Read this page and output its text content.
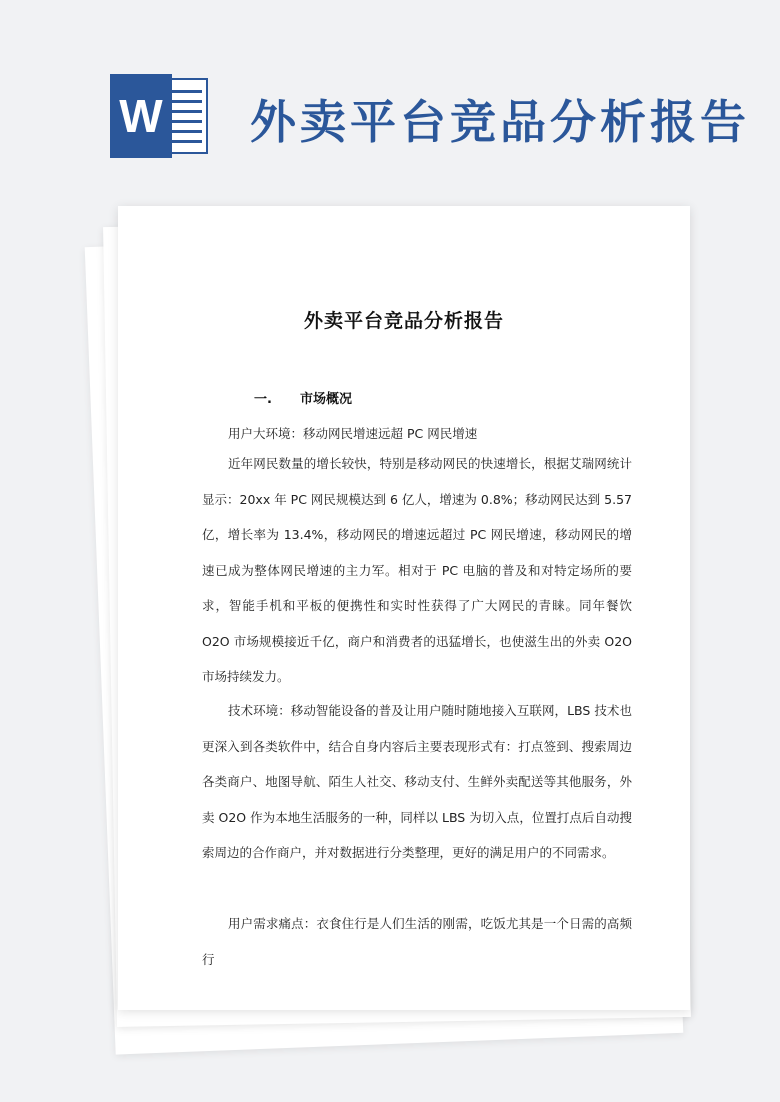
W 外卖平台竞品分析报告
外卖平台竞品分析报告
一. 市场概况

用户大环境：移动网民增速远超 PC 网民增速

近年网民数量的增长较快，特别是移动网民的快速增长，根据艾瑞网统计显示：20xx 年 PC 网民规模达到 6 亿人，增速为 0.8%；移动网民达到 5.57 亿，增长率为 13.4%，移动网民的增速远超过 PC 网民增速，移动网民的增速已成为整体网民增速的主力军。相对于 PC 电脑的普及和对特定场所的要求，智能手机和平板的便携性和实时性获得了广大网民的青睐。同年餐饮 O2O 市场规模接近千亿，商户和消费者的迅猛增长，也使滋生出的外卖 O2O 市场持续发力。

技术环境：移动智能设备的普及让用户随时随地接入互联网，LBS 技术也更深入到各类软件中，结合自身内容后主要表现形式有：打点签到、搜索周边各类商户、地图导航、陌生人社交、移动支付、生鲜外卖配送等其他服务，外卖 O2O 作为本地生活服务的一种，同样以 LBS 为切入点，位置打点后自动搜索周边的合作商户，并对数据进行分类整理，更好的满足用户的不同需求。

用户需求痛点：衣食住行是人们生活的刚需，吃饭尤其是一个日需的高频行
